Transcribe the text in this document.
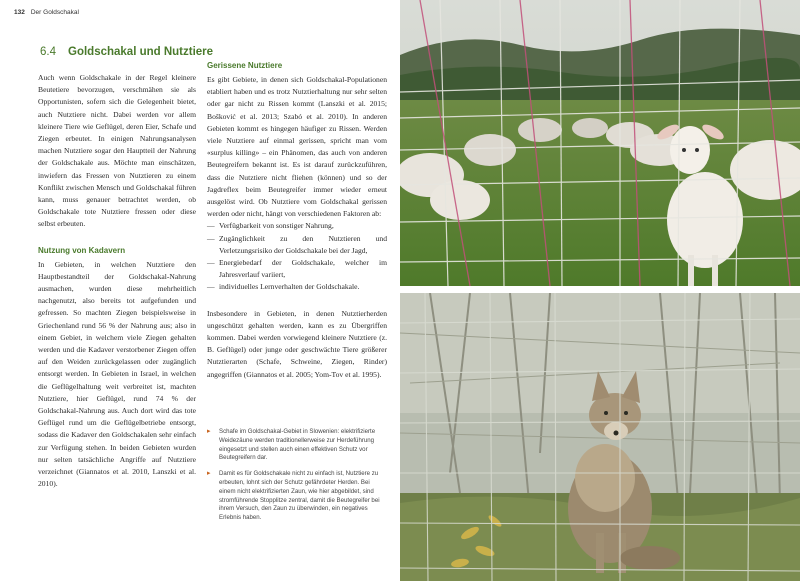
132 Der Goldschakal
6.4 Goldschakal und Nutztiere

Auch wenn Goldschakale in der Regel kleinere Beutetiere bevorzugen, verschmähen sie als Opportunisten, sofern sich die Gelegenheit bietet, auch Nutztiere nicht. Dabei werden vor allem kleinere Tiere wie Geflügel, deren Eier, Schafe und Ziegen erbeutet. In einigen Nahrungsanalysen machen Nutztiere sogar den Hauptteil der Nahrung der Goldschakale aus. Möchte man einschätzen, inwiefern das Fressen von Nutztieren zu einem Konflikt zwischen Mensch und Goldschakal führen kann, muss genauer betrachtet werden, ob Goldschakale tote Nutztiere fressen oder diese selbst erbeuten.

Nutzung von Kadavern

In Gebieten, in welchen Nutztiere den Hauptbestandteil der Goldschakal-Nahrung ausmachen, wurden diese mehrheitlich nachgenutzt, also bereits tot aufgefunden und gefressen. So machten Ziegen beispielsweise in Griechenland rund 56 % der Nahrung aus; also in einem Gebiet, in welchem viele Ziegen gehalten werden und die Kadaver verstorbener Ziegen offen auf den Weiden zurückgelassen oder zugänglich entsorgt werden. In Gebieten in Israel, in welchen die Geflügelhaltung weit verbreitet ist, machten Nutztiere, hier Geflügel, rund 74 % der Goldschakal-Nahrung aus. Auch dort wird das tote Geflügel rund um die Geflügelbetriebe entsorgt, sodass die Kadaver den Goldschakalen sehr einfach zur Verfügung stehen. In beiden Gebieten wurden nur selten tatsächliche Angriffe auf Nutztiere verzeichnet (Giannatos et al. 2010, Lanszki et al. 2010).

Gerissene Nutztiere

Es gibt Gebiete, in denen sich Goldschakal-Populationen etabliert haben und es trotz Nutztierhaltung nur sehr selten oder gar nicht zu Rissen kommt (Lanszki et al. 2015; Bošković et al. 2013; Szabó et al. 2010). In anderen Gebieten kommt es hingegen häufiger zu Rissen. Werden viele Nutztiere auf einmal gerissen, spricht man vom «surplus killing» – ein Phänomen, das auch von anderen Beutegreifern bekannt ist. Es ist darauf zurückzuführen, dass die Nutztiere nicht fliehen (können) und so der Jagdreflex beim Beutegreifer immer wieder erneut ausgelöst wird. Ob Nutztiere vom Goldschakal gerissen werden oder nicht, hängt von verschiedenen Faktoren ab:

— Verfügbarkeit von sonstiger Nahrung,
— Zugänglichkeit zu den Nutztieren und Verletzungsrisiko der Goldschakale bei der Jagd,
— Energiebedarf der Goldschakale, welcher im Jahresverlauf variiert,
— individuelles Lernverhalten der Goldschakale.

Insbesondere in Gebieten, in denen Nutztierherden ungeschützt gehalten werden, kann es zu Übergriffen kommen. Dabei werden vorwiegend kleinere Nutztiere (z. B. Geflügel) oder junge oder geschwächte Tiere größerer Nutztierarten (Schafe, Schweine, Ziegen, Rinder) angegriffen (Giannatos et al. 2005; Yom-Tov et al. 1995).

▸ Schafe im Goldschakal-Gebiet in Slowenien: elektrifizierte Weidezäune werden traditionellerweise zur Herdeführung eingesetzt und stellen auch einen effektiven Schutz vor Beutegreifern dar.
▸ Damit es für Goldschakale nicht zu einfach ist, Nutztiere zu erbeuten, lohnt sich der Schutz gefährdeter Herden. Bei einem nicht elektrifizierten Zaun, wie hier abgebildet, sind stromführende Stopplitze zentral, damit die Beutegreifer bei ihrem Versuch, den Zaun zu überwinden, ein negatives Erlebnis haben.
